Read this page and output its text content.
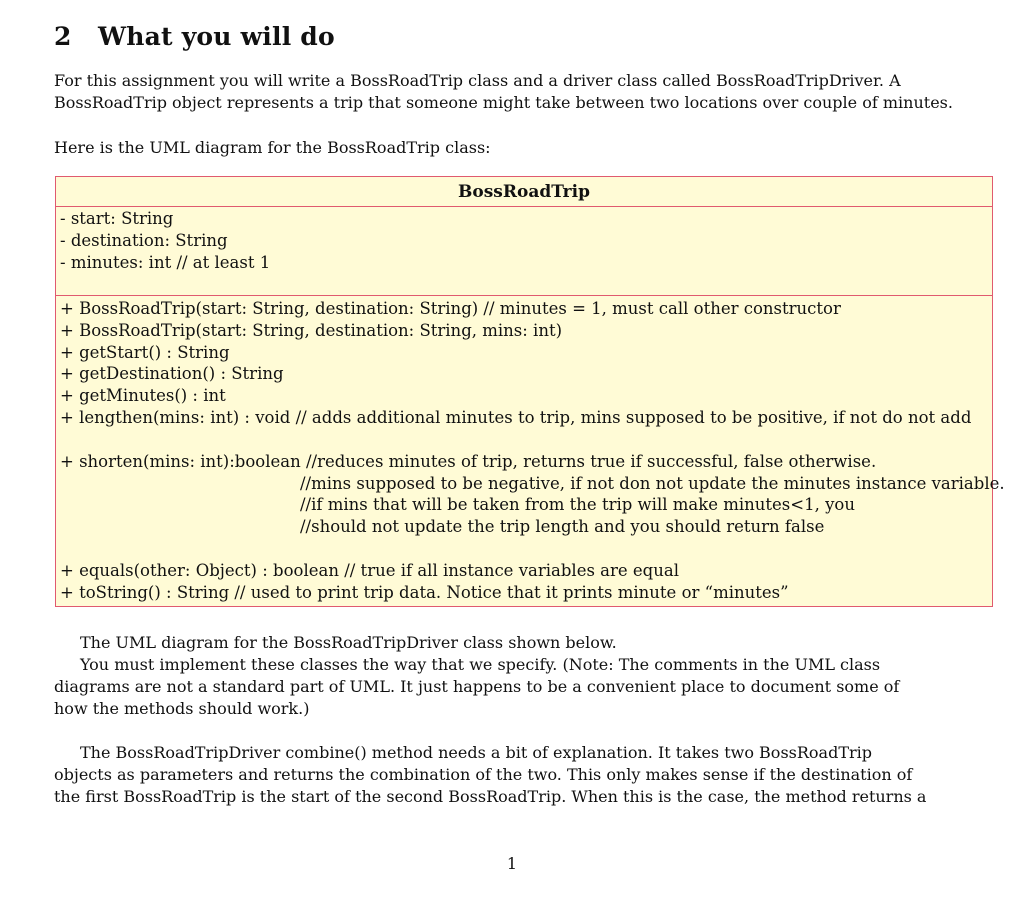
2 What you will do
For this assignment you will write a BossRoadTrip class and a driver class called BossRoadTripDriver. A
BossRoadTrip object represents a trip that someone might take between two locations over couple of minutes.
Here is the UML diagram for the BossRoadTrip class:
BossRoadTrip
- start: String
- destination: String
- minutes: int // at least 1
+ BossRoadTrip(start: String, destination: String) // minutes = 1, must call other constructor
+ BossRoadTrip(start: String, destination: String, mins: int)
+ getStart() : String
+ getDestination() : String
+ getMinutes() : int
+ lengthen(mins: int) : void // adds additional minutes to trip, mins supposed to be positive, if not do not add
+ shorten(mins: int):boolean //reduces minutes of trip, returns true if successful, false otherwise.
//mins supposed to be negative, if not don not update the minutes instance variable.
//if mins that will be taken from the trip will make minutes<1, you
//should not update the trip length and you should return false
+ equals(other: Object) : boolean // true if all instance variables are equal
+ toString() : String // used to print trip data. Notice that it prints minute or “minutes”
The UML diagram for the BossRoadTripDriver class shown below.
You must implement these classes the way that we specify. (Note: The comments in the UML class
diagrams are not a standard part of UML. It just happens to be a convenient place to document some of
how the methods should work.)
The BossRoadTripDriver combine() method needs a bit of explanation. It takes two BossRoadTrip
objects as parameters and returns the combination of the two. This only makes sense if the destination of
the first BossRoadTrip is the start of the second BossRoadTrip. When this is the case, the method returns a
1
